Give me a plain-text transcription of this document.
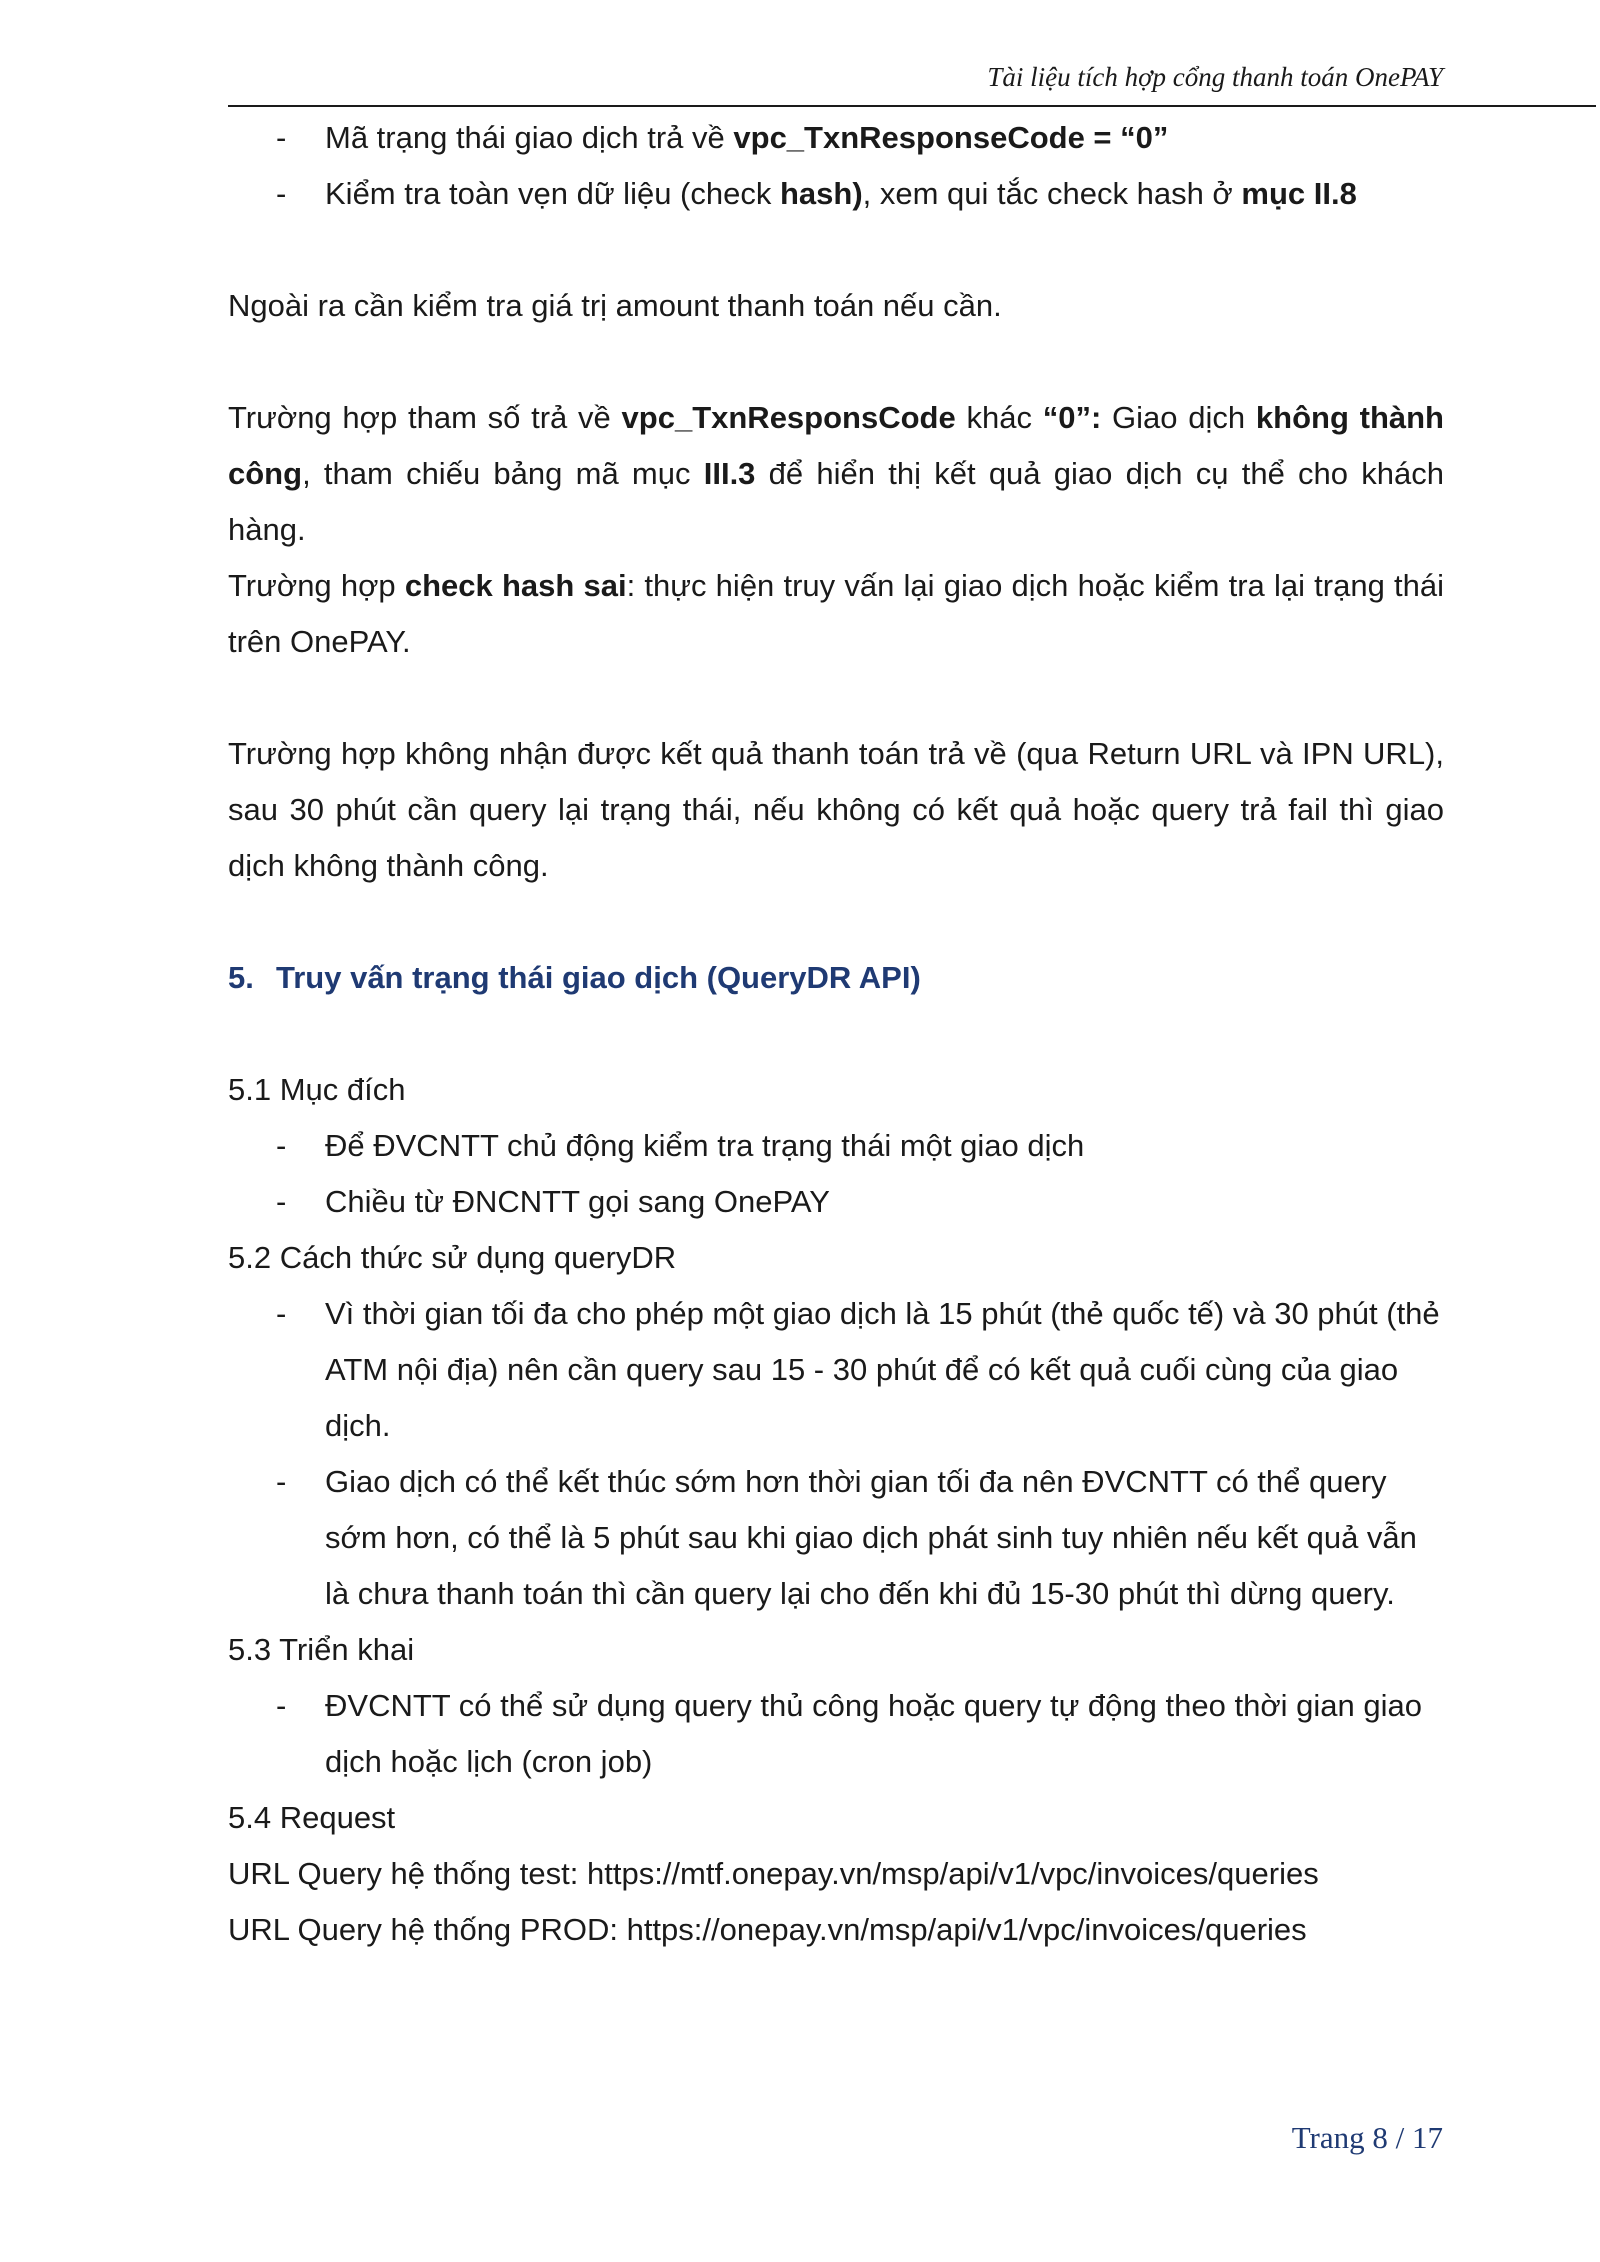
Tài liệu tích hợp cổng thanh toán OnePAY

- Mã trạng thái giao dịch trả về vpc_TxnResponseCode = “0”

- Kiểm tra toàn vẹn dữ liệu (check hash), xem qui tắc check hash ở mục II.8

Ngoài ra cần kiểm tra giá trị amount thanh toán nếu cần.

Trường hợp tham số trả về vpc_TxnResponsCode khác “0”: Giao dịch không thành công, tham chiếu bảng mã mục III.3 để hiển thị kết quả giao dịch cụ thể cho khách hàng.

Trường hợp check hash sai: thực hiện truy vấn lại giao dịch hoặc kiểm tra lại trạng thái trên OnePAY.

Trường hợp không nhận được kết quả thanh toán trả về (qua Return URL và IPN URL), sau 30 phút cần query lại trạng thái, nếu không có kết quả hoặc query trả fail thì giao dịch không thành công.

5. Truy vấn trạng thái giao dịch (QueryDR API)

5.1 Mục đích

- Để ĐVCNTT chủ động kiểm tra trạng thái một giao dịch

- Chiều từ ĐNCNTT gọi sang OnePAY

5.2 Cách thức sử dụng queryDR

- Vì thời gian tối đa cho phép một giao dịch là 15 phút (thẻ quốc tế) và 30 phút (thẻ ATM nội địa) nên cần query sau 15 - 30 phút để có kết quả cuối cùng của giao dịch.

- Giao dịch có thể kết thúc sớm hơn thời gian tối đa nên ĐVCNTT có thể query sớm hơn, có thể là 5 phút sau khi giao dịch phát sinh tuy nhiên nếu kết quả vẫn là chưa thanh toán thì cần query lại cho đến khi đủ 15-30 phút thì dừng query.

5.3 Triển khai

- ĐVCNTT có thể sử dụng query thủ công hoặc query tự động theo thời gian giao dịch hoặc lịch (cron job)

5.4 Request

URL Query hệ thống test: https://mtf.onepay.vn/msp/api/v1/vpc/invoices/queries

URL Query hệ thống PROD: https://onepay.vn/msp/api/v1/vpc/invoices/queries

Trang 8 / 17
